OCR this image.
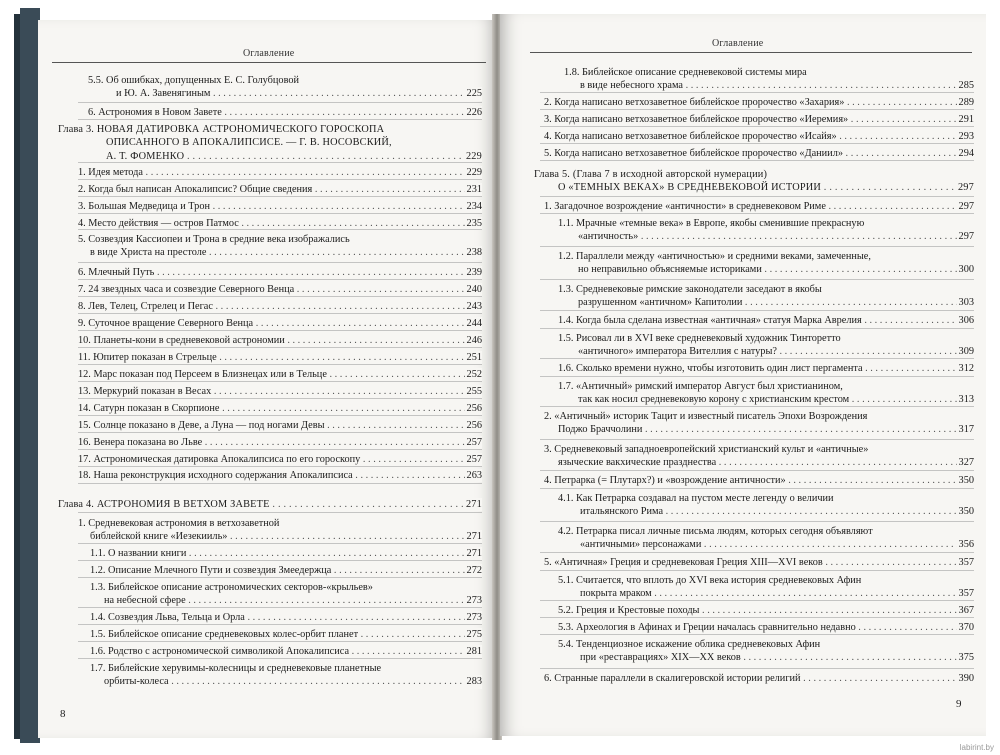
Оглавление
5.5. Об ошибках, допущенных Е. С. Голубцовой
и Ю. А. Завенягиным . . .	225
6. Астрономия в Новом Завете . . .	226
Глава 3. НОВАЯ ДАТИРОВКА АСТРОНОМИЧЕСКОГО ГОРОСКОПА
ОПИСАННОГО В АПОКАЛИПСИСЕ. — Г. В. НОСОВСКИЙ,
А. Т. ФОМЕНКО . . .	229
1. Идея метода . . .	229
2. Когда был написан Апокалипсис? Общие сведения . . .	231
3. Большая Медведица и Трон . . .	234
4. Место действия — остров Патмос . . .	235
5. Созвездия Кассиопеи и Трона в средние века изображались
в виде Христа на престоле . . .	238
6. Млечный Путь . . .	239
7. 24 звездных часа и созвездие Северного Венца . . .	240
8. Лев, Телец, Стрелец и Пегас . . .	243
9. Суточное вращение Северного Венца . . .	244
10. Планеты-кони в средневековой астрономии . . .	246
11. Юпитер показан в Стрельце . . .	251
12. Марс показан под Персеем в Близнецах или в Тельце . . .	252
13. Меркурий показан в Весах . . .	255
14. Сатурн показан в Скорпионе . . .	256
15. Солнце показано в Деве, а Луна — под ногами Девы . . .	256
16. Венера показана во Льве . . .	257
17. Астрономическая датировка Апокалипсиса по его гороскопу . . .	257
18. Наша реконструкция исходного содержания Апокалипсиса . . .	263
Глава 4. АСТРОНОМИЯ В ВЕТХОМ ЗАВЕТЕ . . .	271
1. Средневековая астрономия в ветхозаветной
библейской книге «Иезекииль» . . .	271
1.1. О названии книги . . .	271
1.2. Описание Млечного Пути и созвездия Змеедержца . . .	272
1.3. Библейское описание астрономических секторов-«крыльев»
на небесной сфере . . .	273
1.4. Созвездия Льва, Тельца и Орла . . .	273
1.5. Библейское описание средневековых колес-орбит планет . . .	275
1.6. Родство с астрономической символикой Апокалипсиса . . .	281
1.7. Библейские херувимы-колесницы и средневековые планетные
орбиты-колеса . . .	283
8
Оглавление
1.8. Библейское описание средневековой системы мира
в виде небесного храма . . .	285
2. Когда написано ветхозаветное библейское пророчество «Захария» . . .	289
3. Когда написано ветхозаветное библейское пророчество «Иеремия» . . .	291
4. Когда написано ветхозаветное библейское пророчество «Исайя» . . .	293
5. Когда написано ветхозаветное библейское пророчество «Даниил» . . .	294
Глава 5. (Глава 7 в исходной авторской нумерации)
О «ТЕМНЫХ ВЕКАХ» В СРЕДНЕВЕКОВОЙ ИСТОРИИ . . .	297
1. Загадочное возрождение «античности» в средневековом Риме . . .	297
1.1. Мрачные «темные века» в Европе, якобы сменившие прекрасную
«античность» . . .	297
1.2. Параллели между «античностью» и средними веками, замеченные,
но неправильно объясняемые историками . . .	300
1.3. Средневековые римские законодатели заседают в якобы
разрушенном «античном» Капитолии . . .	303
1.4. Когда была сделана известная «античная» статуя Марка Аврелия . . .	306
1.5. Рисовал ли в XVI веке средневековый художник Тинторетто
«античного» императора Вителлия с натуры? . . .	309
1.6. Сколько времени нужно, чтобы изготовить один лист пергамента . . .	312
1.7. «Античный» римский император Август был христианином,
так как носил средневековую корону с христианским крестом . . .	313
2. «Античный» историк Тацит и известный писатель Эпохи Возрождения
Поджо Браччолини . . .	317
3. Средневековый западноевропейский христианский культ и «античные»
языческие вакхические празднества . . .	327
4. Петрарка (= Плутарх?) и «возрождение античности» . . .	350
4.1. Как Петрарка создавал на пустом месте легенду о величии
итальянского Рима . . .	350
4.2. Петрарка писал личные письма людям, которых сегодня объявляют
«античными» персонажами . . .	356
5. «Античная» Греция и средневековая Греция XIII—XVI веков . . .	357
5.1. Считается, что вплоть до XVI века история средневековых Афин
покрыта мраком . . .	357
5.2. Греция и Крестовые походы . . .	367
5.3. Археология в Афинах и Греции началась сравнительно недавно . . .	370
5.4. Тенденциозное искажение облика средневековых Афин
при «реставрациях» XIX—XX веков . . .	375
6. Странные параллели в скалигеровской истории религий . . .	390
9
labirint.by
